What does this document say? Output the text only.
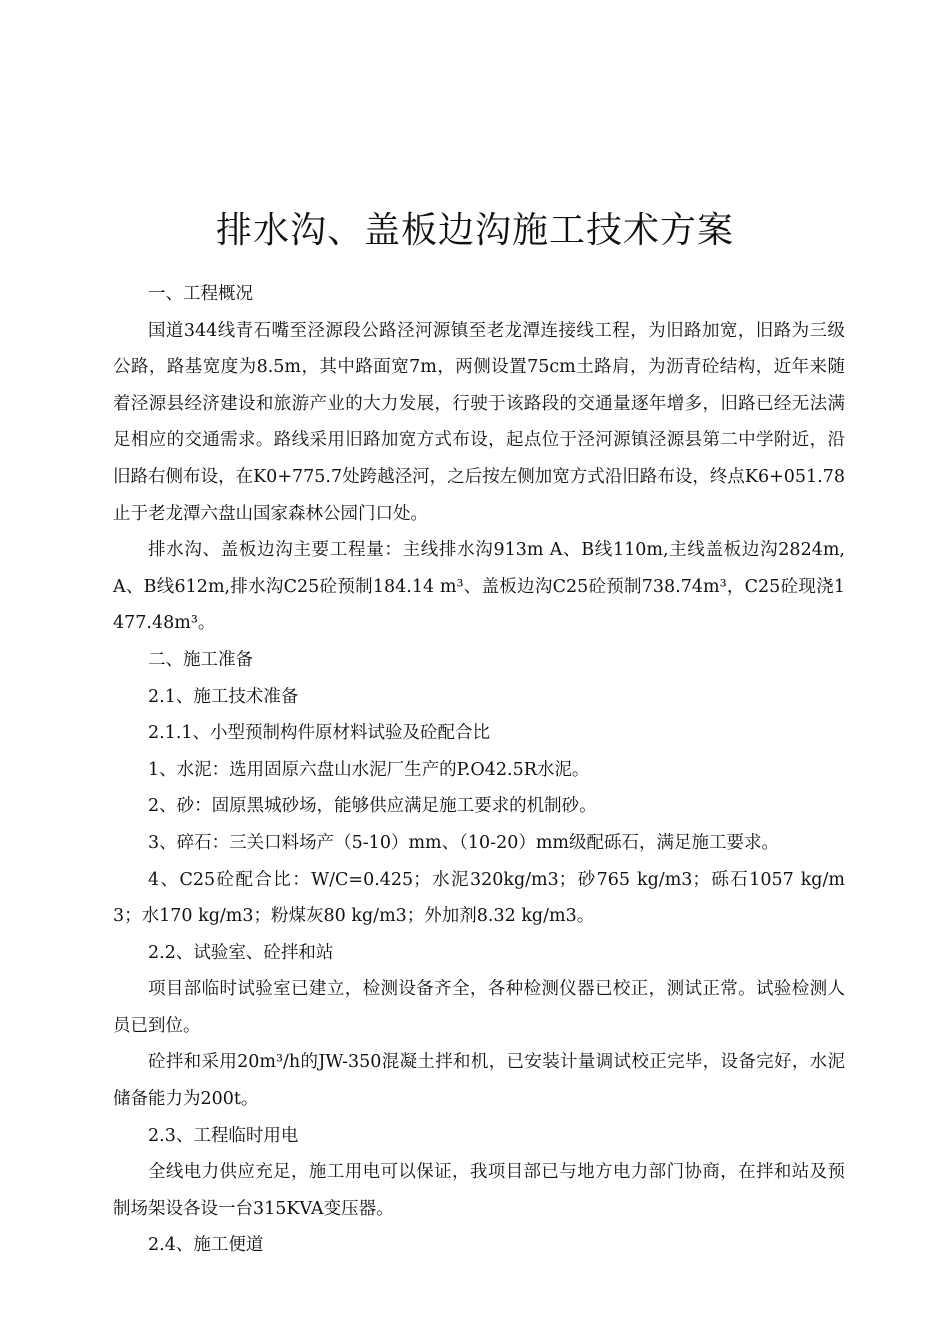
排水沟、盖板边沟施工技术方案

一、工程概况

国道344线青石嘴至泾源段公路泾河源镇至老龙潭连接线工程，为旧路加宽，旧路为三级公路，路基宽度为8.5m，其中路面宽7m，两侧设置75cm土路肩，为沥青砼结构，近年来随着泾源县经济建设和旅游产业的大力发展，行驶于该路段的交通量逐年增多，旧路已经无法满足相应的交通需求。路线采用旧路加宽方式布设，起点位于泾河源镇泾源县第二中学附近，沿旧路右侧布设，在K0+775.7处跨越泾河，之后按左侧加宽方式沿旧路布设，终点K6+051.78止于老龙潭六盘山国家森林公园门口处。

排水沟、盖板边沟主要工程量：主线排水沟913m A、B线110m,主线盖板边沟2824m, A、B线612m,排水沟C25砼预制184.14 m³、盖板边沟C25砼预制738.74m³，C25砼现浇1477.48m³。

二、施工准备

2.1、施工技术准备

2.1.1、小型预制构件原材料试验及砼配合比

1、水泥：选用固原六盘山水泥厂生产的P.O42.5R水泥。

2、砂：固原黑城砂场，能够供应满足施工要求的机制砂。

3、碎石：三关口料场产（5-10）mm、（10-20）mm级配砾石，满足施工要求。

4、C25砼配合比：W/C=0.425；水泥320kg/m3；砂765 kg/m3；砾石1057 kg/m3；水170 kg/m3；粉煤灰80 kg/m3；外加剂8.32 kg/m3。

2.2、试验室、砼拌和站

项目部临时试验室已建立，检测设备齐全，各种检测仪器已校正，测试正常。试验检测人员已到位。

砼拌和采用20m³/h的JW-350混凝土拌和机，已安装计量调试校正完毕，设备完好，水泥储备能力为200t。

2.3、工程临时用电

全线电力供应充足，施工用电可以保证，我项目部已与地方电力部门协商，在拌和站及预制场架设各设一台315KVA变压器。

2.4、施工便道
